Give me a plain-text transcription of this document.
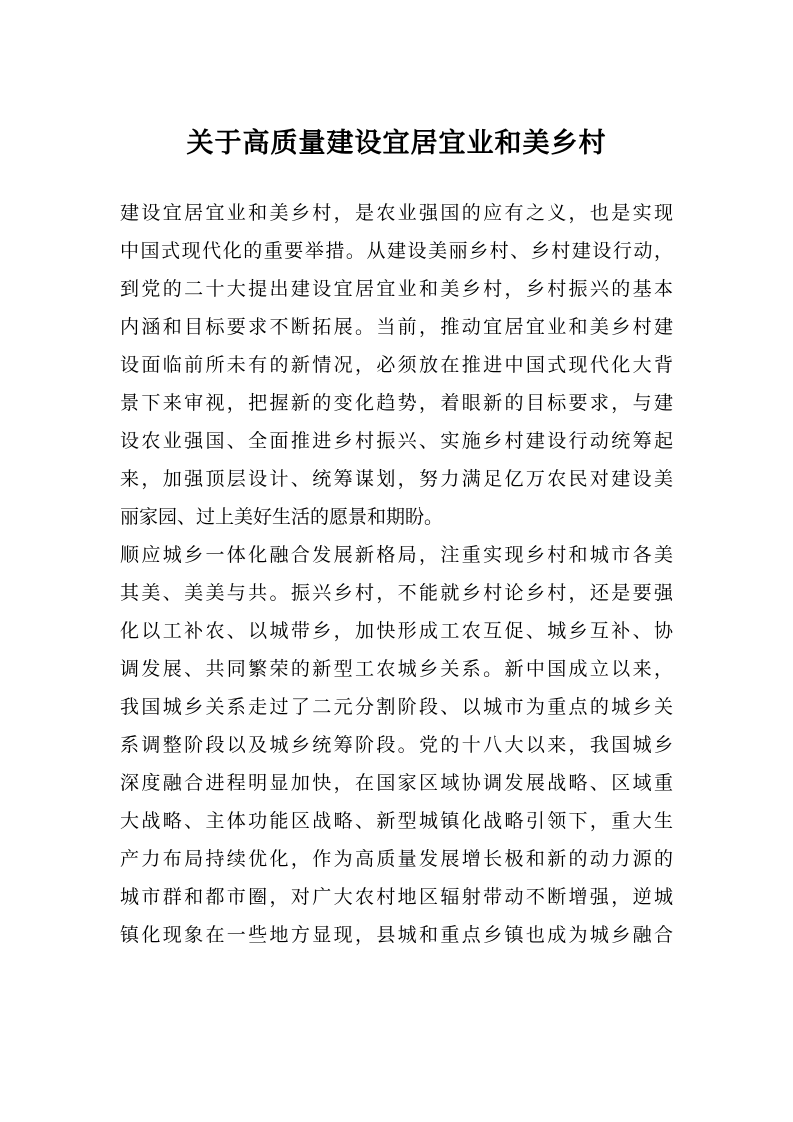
关于高质量建设宜居宜业和美乡村
建设宜居宜业和美乡村，是农业强国的应有之义，也是实现
中国式现代化的重要举措。从建设美丽乡村、乡村建设行动，
到党的二十大提出建设宜居宜业和美乡村，乡村振兴的基本
内涵和目标要求不断拓展。当前，推动宜居宜业和美乡村建
设面临前所未有的新情况，必须放在推进中国式现代化大背
景下来审视，把握新的变化趋势，着眼新的目标要求，与建
设农业强国、全面推进乡村振兴、实施乡村建设行动统筹起
来，加强顶层设计、统筹谋划，努力满足亿万农民对建设美
丽家园、过上美好生活的愿景和期盼。
顺应城乡一体化融合发展新格局，注重实现乡村和城市各美
其美、美美与共。振兴乡村，不能就乡村论乡村，还是要强
化以工补农、以城带乡，加快形成工农互促、城乡互补、协
调发展、共同繁荣的新型工农城乡关系。新中国成立以来，
我国城乡关系走过了二元分割阶段、以城市为重点的城乡关
系调整阶段以及城乡统筹阶段。党的十八大以来，我国城乡
深度融合进程明显加快，在国家区域协调发展战略、区域重
大战略、主体功能区战略、新型城镇化战略引领下，重大生
产力布局持续优化，作为高质量发展增长极和新的动力源的
城市群和都市圈，对广大农村地区辐射带动不断增强，逆城
镇化现象在一些地方显现，县城和重点乡镇也成为城乡融合
